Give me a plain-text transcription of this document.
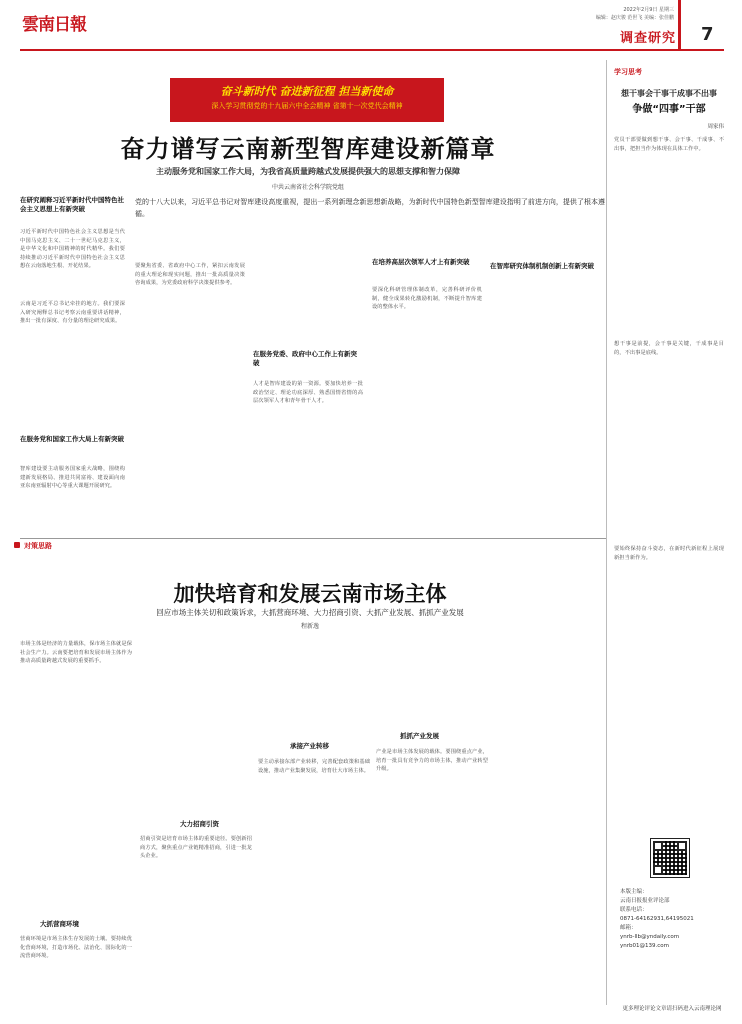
雲南日報
2022年2月9日 星期三
编辑：赵庆骏 范世飞 美编：张佳鹏
调查研究 7
奋斗新时代 奋进新征程 担当新使命
深入学习贯彻党的十九届六中全会精神 省第十一次党代会精神
奋力谱写云南新型智库建设新篇章
主动服务党和国家工作大局，为我省高质量跨越式发展提供强大的思想支撑和智力保障
中共云南省社会科学院党组
在研究阐释习近平新时代中国特色社会主义思想上有新突破
习近平新时代中国特色社会主义思想是当代中国马克思主义、二十一世纪马克思主义，是中华文化和中国精神的时代精华。我们要持续推动习近平新时代中国特色社会主义思想在云南落地生根、开花结果。
云南是习近平总书记牵挂的地方。我们要深入研究阐释总书记考察云南重要讲话精神，推出一批有深度、有分量的理论研究成果。
在服务党和国家工作大局上有新突破
智库建设要主动服务国家重大战略，围绕构建新发展格局、推进共同富裕、建设面向南亚东南亚辐射中心等重大课题开展研究。
党的十八大以来，习近平总书记对智库建设高度重视，提出一系列新理念新思想新战略，为新时代中国特色新型智库建设指明了前进方向，提供了根本遵循。
要聚焦省委、省政府中心工作，紧扣云南发展的重大理论和现实问题，推出一批高质量决策咨询成果，为党委政府科学决策提供参考。
在服务党委、政府中心工作上有新突破
人才是智库建设的第一资源。要加快培养一批政治坚定、理论功底深厚、熟悉国情省情的高层次领军人才和青年骨干人才。
在培养高层次领军人才上有新突破
要深化科研管理体制改革，完善科研评价机制，健全成果转化激励机制，不断提升智库建设的整体水平。
在智库研究体制机制创新上有新突破
对策思路
加快培育和发展云南市场主体
回应市场主体关切和政策诉求，大抓营商环境、大力招商引资、大抓产业发展、抓抓产业发展
程新逸
市场主体是经济的力量载体，保市场主体就是保社会生产力。云南要把培育和发展市场主体作为推动高质量跨越式发展的重要抓手。
大抓营商环境
营商环境是市场主体生存发展的土壤。要持续优化营商环境，打造市场化、法治化、国际化的一流营商环境。
大力招商引资
招商引资是培育市场主体的重要途径。要创新招商方式，聚焦重点产业链精准招商，引进一批龙头企业。
承接产业转移
要主动承接东部产业转移，完善配套政策和基础设施，推动产业集聚发展，培育壮大市场主体。
抓抓产业发展
产业是市场主体发展的载体。要围绕重点产业，培育一批具有竞争力的市场主体，推动产业转型升级。
学习思考
想干事会干事干成事不出事
争做“四事”干部
周家伟
党员干部要做到想干事、会干事、干成事、不出事，把担当作为体现在具体工作中。
想干事是前提，会干事是关键，干成事是目的，不出事是底线。
要始终保持奋斗姿态，在新时代新征程上展现新担当新作为。
本版主编：
云南日报报业评论部
联系电话：
0871-64162931,64195021
邮箱：
ynrb-llb@yndaily.com
ynrb01@139.com
更多理论评论文章请扫码进入云南理论网
